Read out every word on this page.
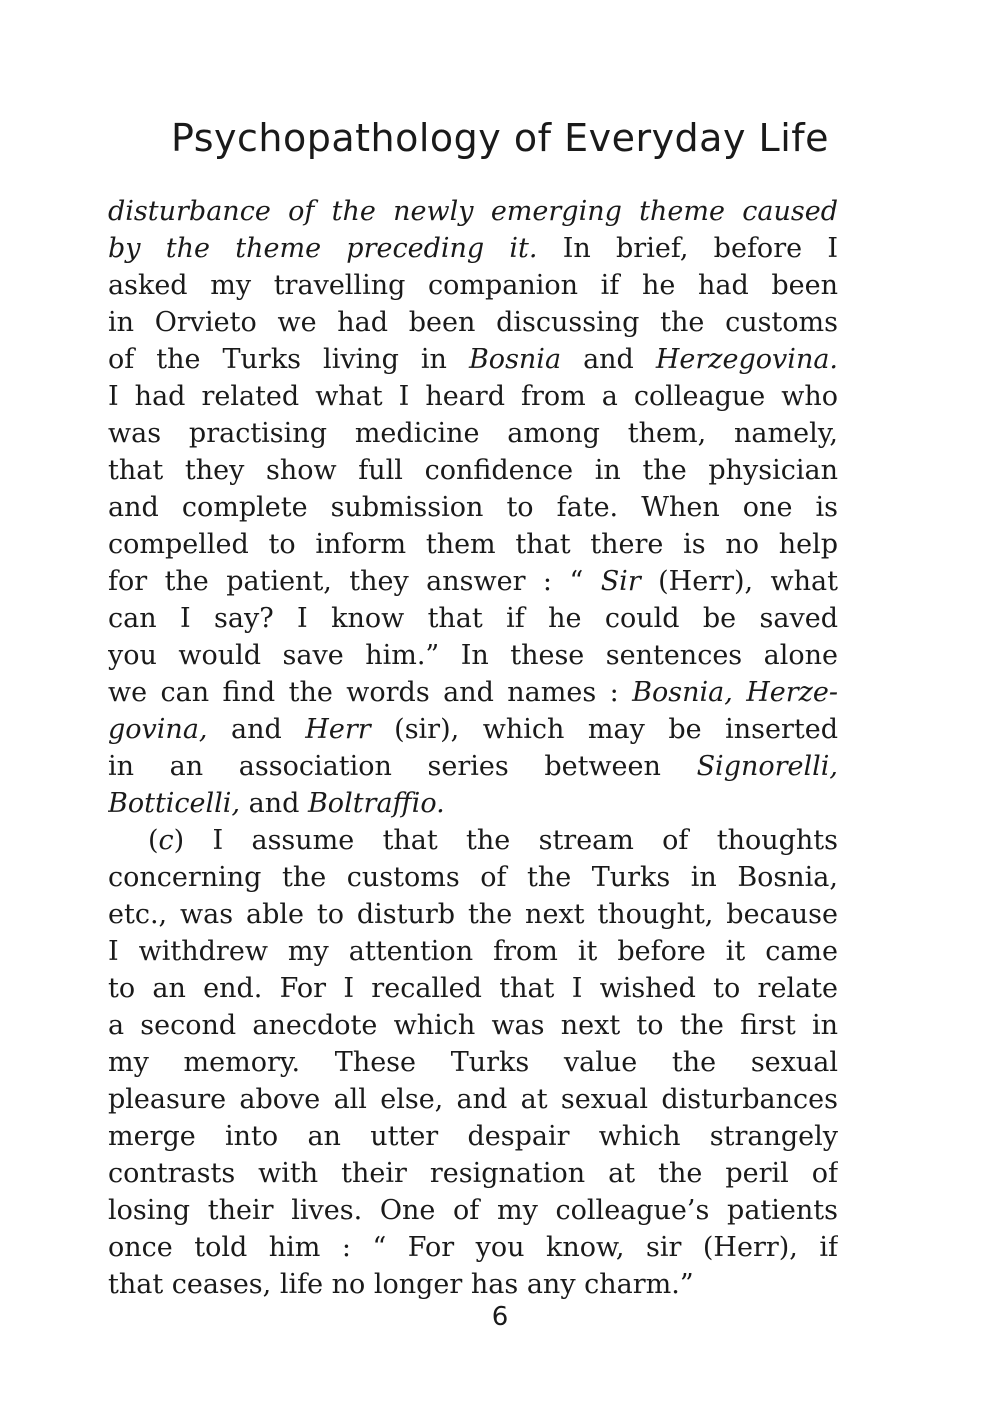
Psychopathology of Everyday Life
disturbance of the newly emerging theme caused
by the theme preceding it. In brief, before I
asked my travelling companion if he had been
in Orvieto we had been discussing the customs
of the Turks living in Bosnia and Herzegovina.
I had related what I heard from a colleague who
was practising medicine among them, namely,
that they show full confidence in the physician
and complete submission to fate. When one is
compelled to inform them that there is no help
for the patient, they answer : “ Sir (Herr), what
can I say? I know that if he could be saved
you would save him.” In these sentences alone
we can find the words and names : Bosnia, Herze-
govina, and Herr (sir), which may be inserted
in an association series between Signorelli,
Botticelli, and Boltraffio.
(c) I assume that the stream of thoughts
concerning the customs of the Turks in Bosnia,
etc., was able to disturb the next thought, because
I withdrew my attention from it before it came
to an end. For I recalled that I wished to relate
a second anecdote which was next to the first in
my memory. These Turks value the sexual
pleasure above all else, and at sexual disturbances
merge into an utter despair which strangely
contrasts with their resignation at the peril of
losing their lives. One of my colleague’s patients
once told him : “ For you know, sir (Herr), if
that ceases, life no longer has any charm.”
6
